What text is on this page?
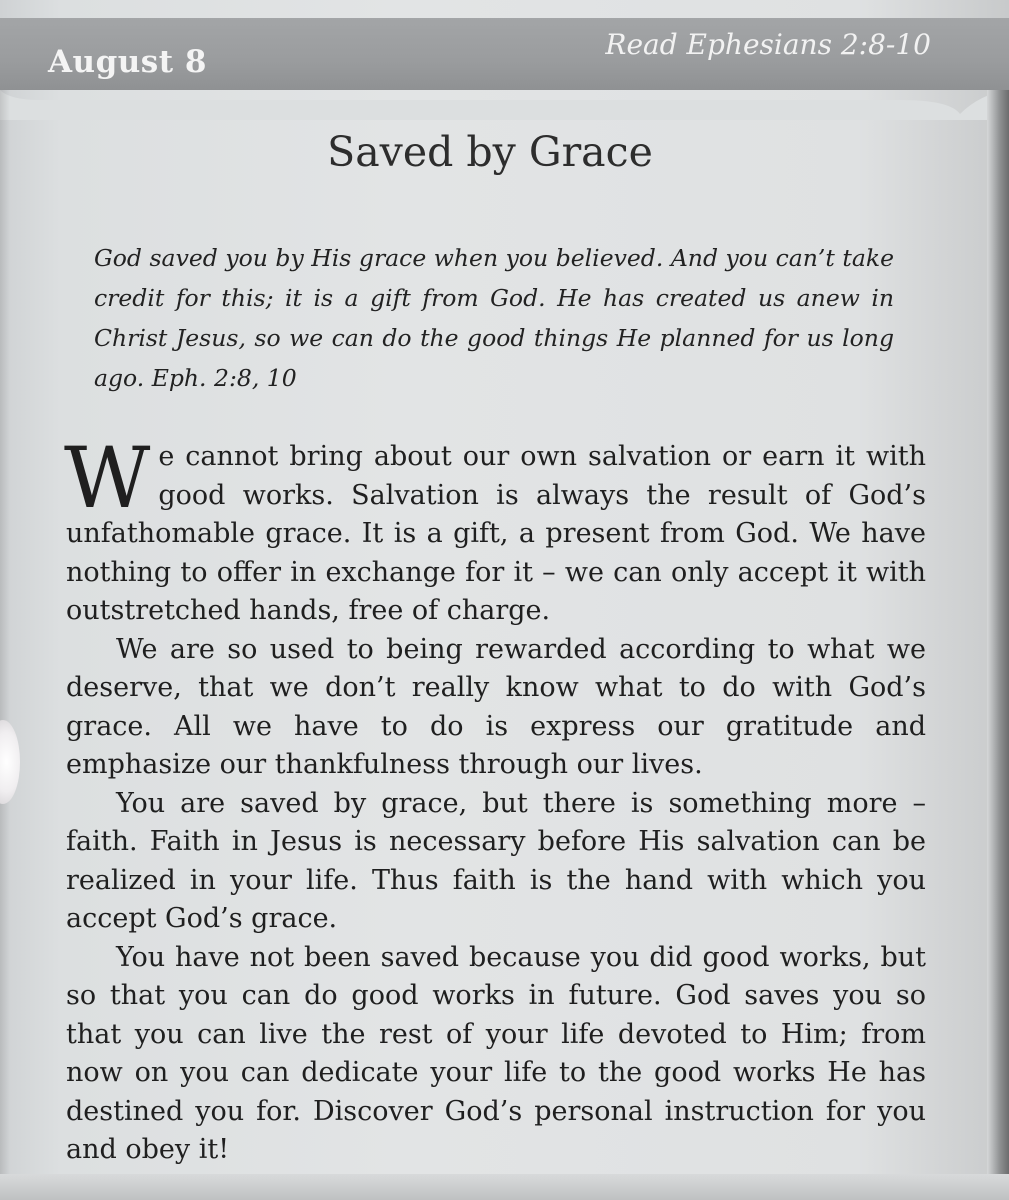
August 8	Read Ephesians 2:8-10
Saved by Grace
God saved you by His grace when you believed. And you can’t take credit for this; it is a gift from God. He has created us anew in Christ Jesus, so we can do the good things He planned for us long ago. Eph. 2:8, 10

We cannot bring about our own salvation or earn it with good works. Salvation is always the result of God’s unfathomable grace. It is a gift, a present from God. We have nothing to offer in exchange for it – we can only accept it with outstretched hands, free of charge.

We are so used to being rewarded according to what we deserve, that we don’t really know what to do with God’s grace. All we have to do is express our gratitude and emphasize our thankfulness through our lives.

You are saved by grace, but there is something more – faith. Faith in Jesus is necessary before His salvation can be realized in your life. Thus faith is the hand with which you accept God’s grace.

You have not been saved because you did good works, but so that you can do good works in future. God saves you so that you can live the rest of your life devoted to Him; from now on you can dedicate your life to the good works He has destined you for. Discover God’s personal instruction for you and obey it!
